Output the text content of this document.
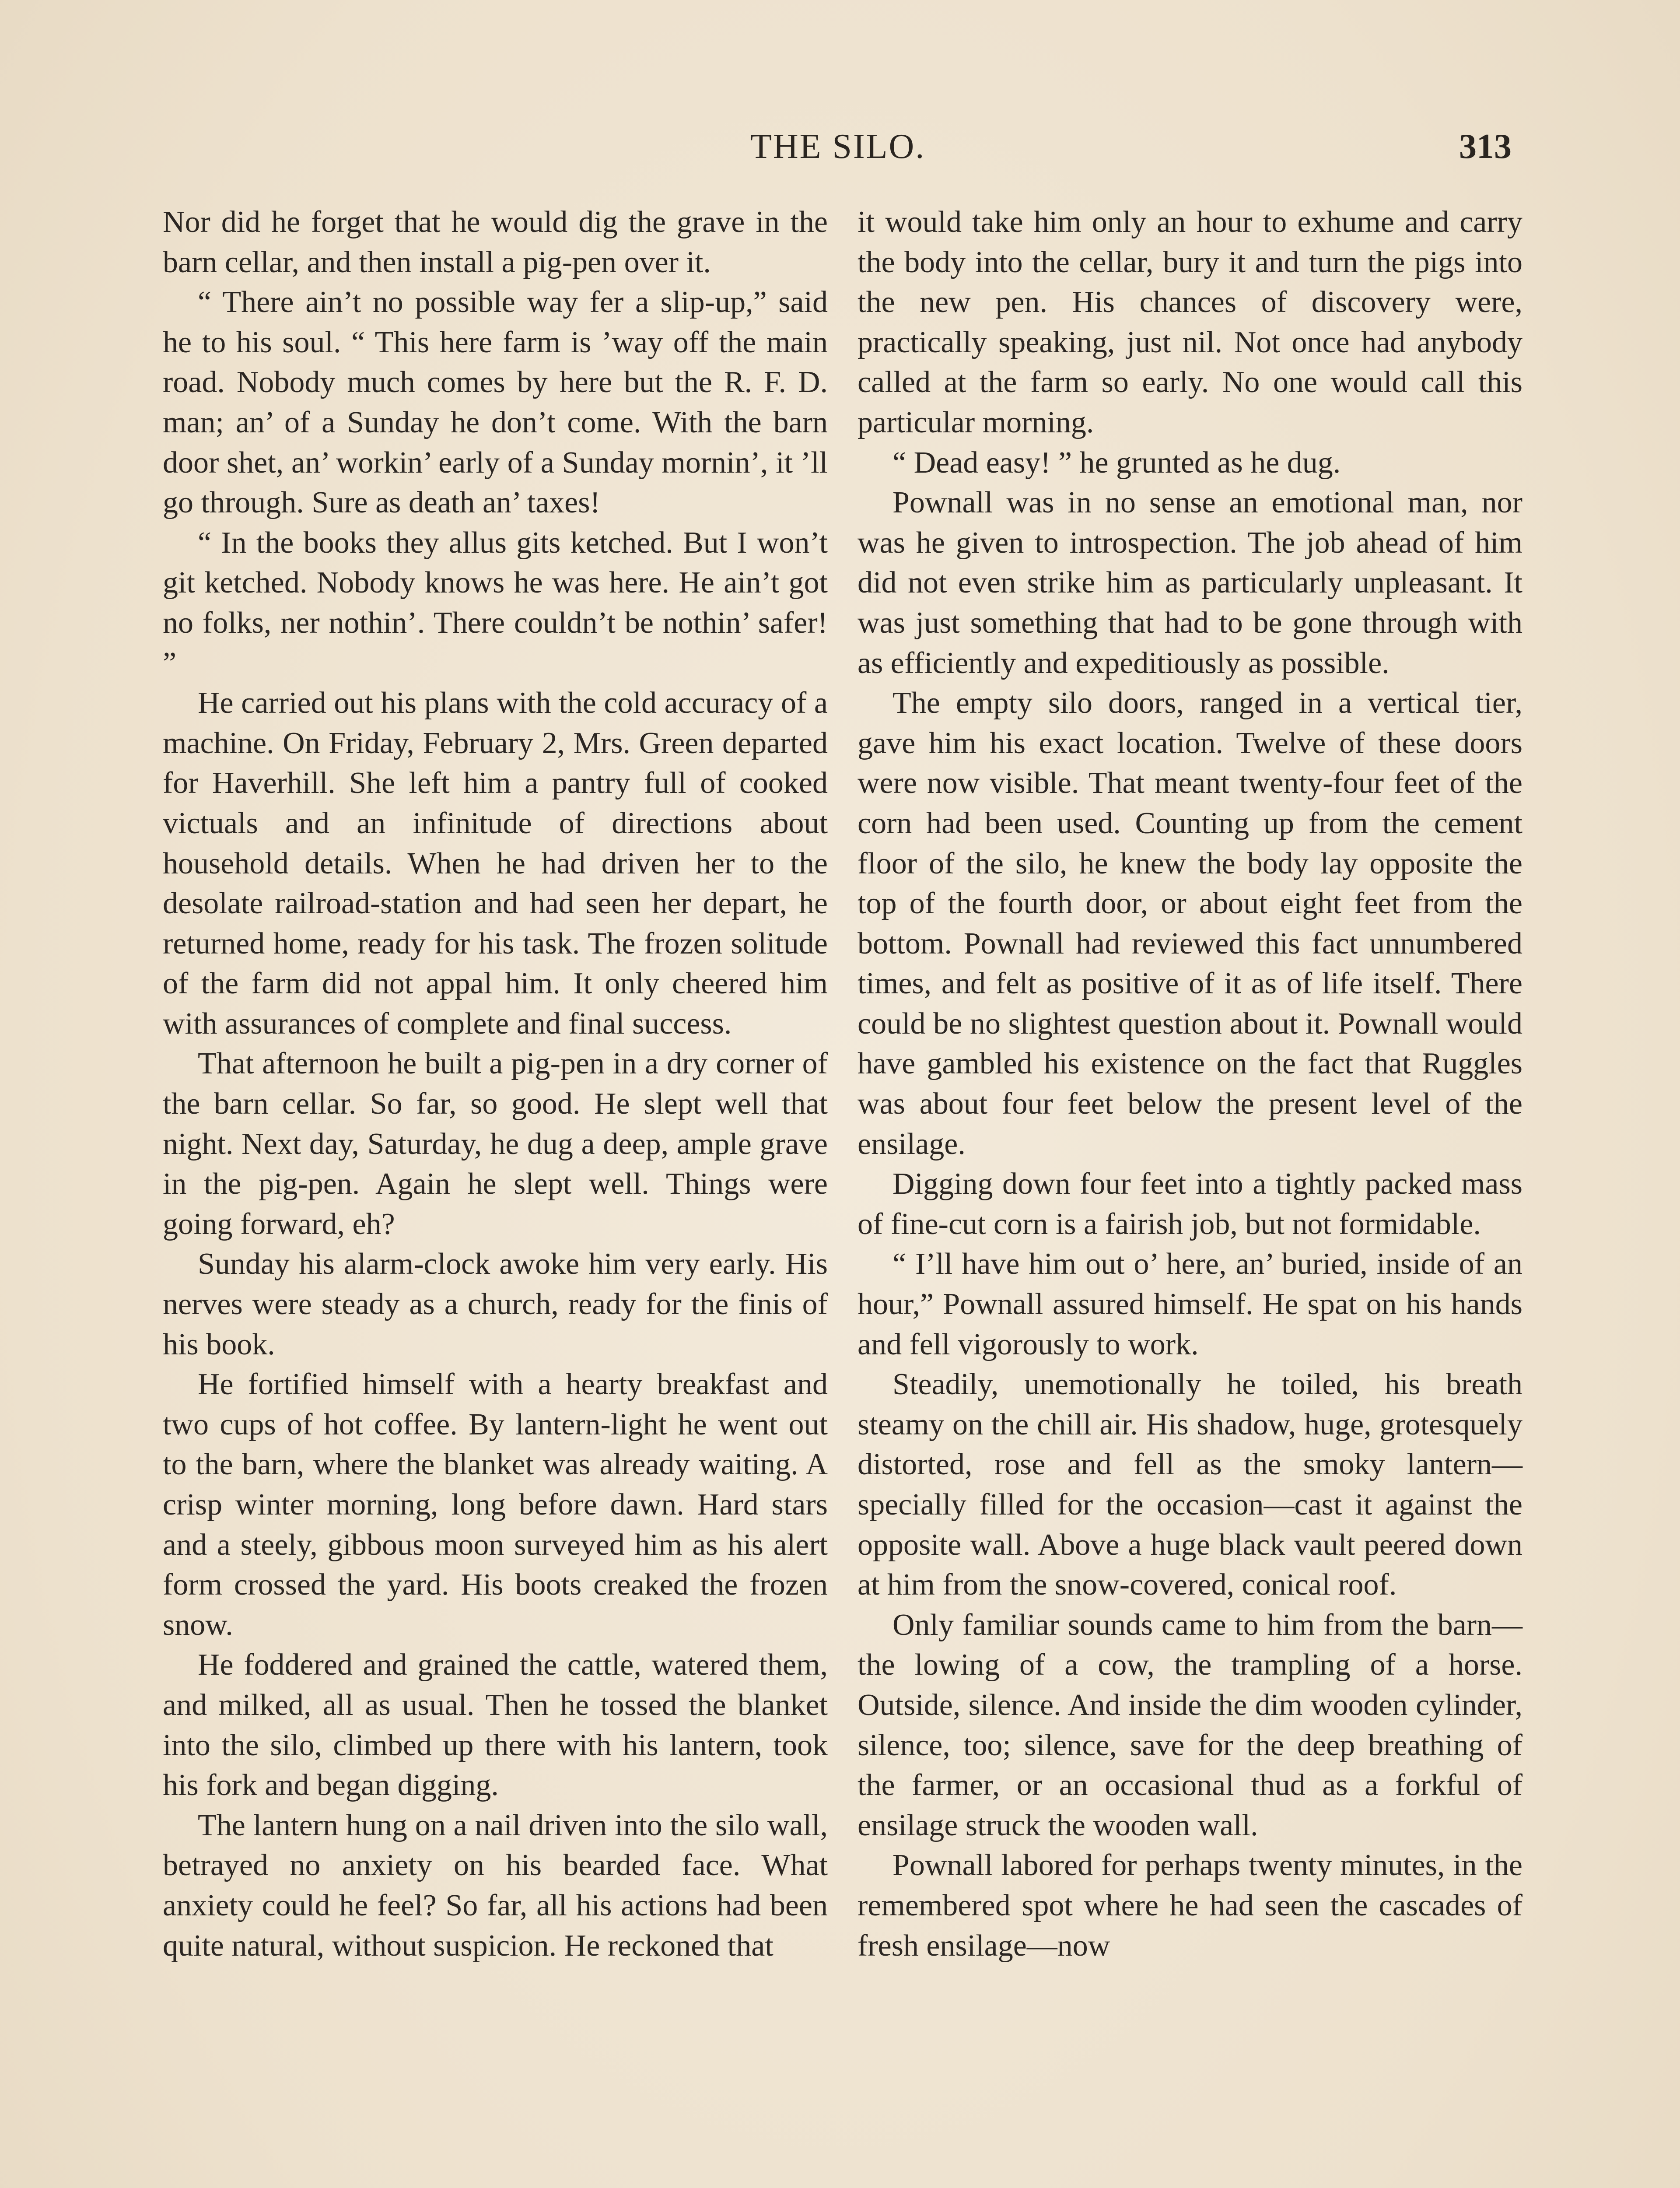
THE SILO.	313

Nor did he forget that he would dig the grave in the barn cellar, and then install a pig-pen over it.

“ There ain’t no possible way fer a slip-up,” said he to his soul. “ This here farm is ’way off the main road. Nobody much comes by here but the R. F. D. man; an’ of a Sunday he don’t come. With the barn door shet, an’ workin’ early of a Sunday mornin’, it ’ll go through. Sure as death an’ taxes!

“ In the books they allus gits ketched. But I won’t git ketched. Nobody knows he was here. He ain’t got no folks, ner nothin’. There couldn’t be nothin’ safer! ”

He carried out his plans with the cold accuracy of a machine. On Friday, February 2, Mrs. Green departed for Haverhill. She left him a pantry full of cooked victuals and an infinitude of directions about household details. When he had driven her to the desolate railroad-station and had seen her depart, he returned home, ready for his task. The frozen solitude of the farm did not appal him. It only cheered him with assurances of complete and final success.

That afternoon he built a pig-pen in a dry corner of the barn cellar. So far, so good. He slept well that night. Next day, Saturday, he dug a deep, ample grave in the pig-pen. Again he slept well. Things were going forward, eh?

Sunday his alarm-clock awoke him very early. His nerves were steady as a church, ready for the finis of his book.

He fortified himself with a hearty breakfast and two cups of hot coffee. By lantern-light he went out to the barn, where the blanket was already waiting. A crisp winter morning, long before dawn. Hard stars and a steely, gibbous moon surveyed him as his alert form crossed the yard. His boots creaked the frozen snow.

He foddered and grained the cattle, watered them, and milked, all as usual. Then he tossed the blanket into the silo, climbed up there with his lantern, took his fork and began digging.

The lantern hung on a nail driven into the silo wall, betrayed no anxiety on his bearded face. What anxiety could he feel? So far, all his actions had been quite natural, without suspicion. He reckoned that

it would take him only an hour to exhume and carry the body into the cellar, bury it and turn the pigs into the new pen. His chances of discovery were, practically speaking, just nil. Not once had anybody called at the farm so early. No one would call this particular morning.

“ Dead easy! ” he grunted as he dug.

Pownall was in no sense an emotional man, nor was he given to introspection. The job ahead of him did not even strike him as particularly unpleasant. It was just something that had to be gone through with as efficiently and expeditiously as possible.

The empty silo doors, ranged in a vertical tier, gave him his exact location. Twelve of these doors were now visible. That meant twenty-four feet of the corn had been used. Counting up from the cement floor of the silo, he knew the body lay opposite the top of the fourth door, or about eight feet from the bottom. Pownall had reviewed this fact unnumbered times, and felt as positive of it as of life itself. There could be no slightest question about it. Pownall would have gambled his existence on the fact that Ruggles was about four feet below the present level of the ensilage.

Digging down four feet into a tightly packed mass of fine-cut corn is a fairish job, but not formidable.

“ I’ll have him out o’ here, an’ buried, inside of an hour,” Pownall assured himself. He spat on his hands and fell vigorously to work.

Steadily, unemotionally he toiled, his breath steamy on the chill air. His shadow, huge, grotesquely distorted, rose and fell as the smoky lantern—specially filled for the occasion—cast it against the opposite wall. Above a huge black vault peered down at him from the snow-covered, conical roof.

Only familiar sounds came to him from the barn—the lowing of a cow, the trampling of a horse. Outside, silence. And inside the dim wooden cylinder, silence, too; silence, save for the deep breathing of the farmer, or an occasional thud as a forkful of ensilage struck the wooden wall.

Pownall labored for perhaps twenty minutes, in the remembered spot where he had seen the cascades of fresh ensilage—now
